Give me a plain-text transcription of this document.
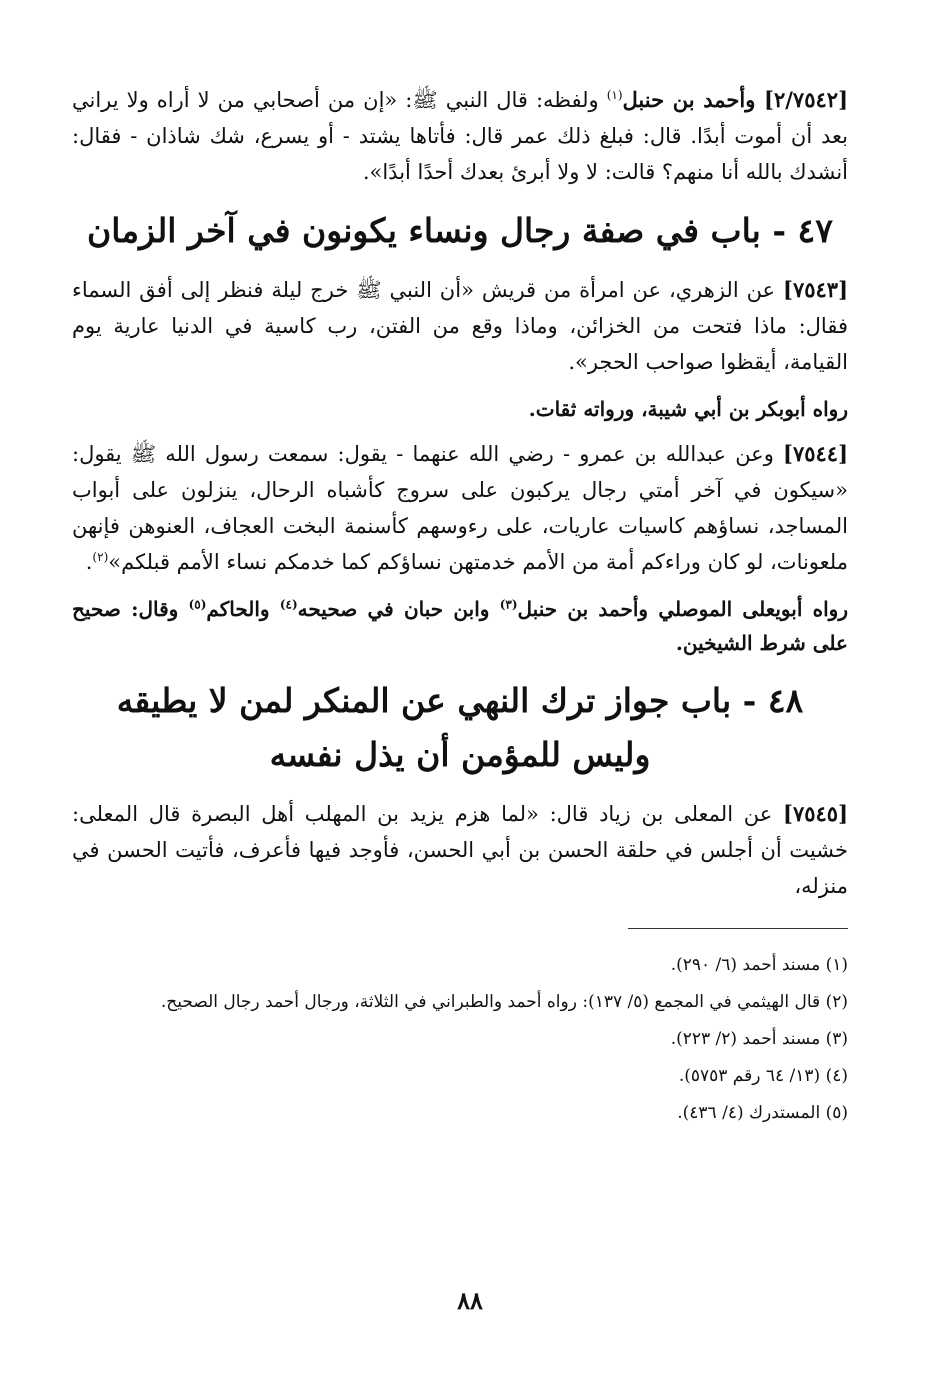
[٢/٧٥٤٢] وأحمد بن حنبل$^{(١)}$ ولفظه: قال النبي ﷺ: «إن من أصحابي من لا أراه ولا يراني بعد أن أموت أبدًا. قال: فبلغ ذلك عمر قال: فأتاها يشتد - أو يسرع، شك شاذان - فقال: أنشدك بالله أنا منهم؟ قالت: لا ولا أبرئ بعدك أحدًا أبدًا».

٤٧ - باب في صفة رجال ونساء يكونون في آخر الزمان

[٧٥٤٣] عن الزهري، عن امرأة من قريش «أن النبي ﷺ خرج ليلة فنظر إلى أفق السماء فقال: ماذا فتحت من الخزائن، وماذا وقع من الفتن، رب كاسية في الدنيا عارية يوم القيامة، أيقظوا صواحب الحجر».

رواه أبوبكر بن أبي شيبة، ورواته ثقات.

[٧٥٤٤] وعن عبدالله بن عمرو - رضي الله عنهما - يقول: سمعت رسول الله ﷺ يقول: «سيكون في آخر أمتي رجال يركبون على سروج كأشباه الرحال، ينزلون على أبواب المساجد، نساؤهم كاسيات عاريات، على رءوسهم كأسنمة البخت العجاف، العنوهن فإنهن ملعونات، لو كان وراءكم أمة من الأمم خدمتهن نساؤكم كما خدمكم نساء الأمم قبلكم»$^{(٢)}$.

رواه أبويعلى الموصلي وأحمد بن حنبل$^{(٣)}$ وابن حبان في صحيحه$^{(٤)}$ والحاكم$^{(٥)}$ وقال: صحيح على شرط الشيخين.

٤٨ - باب جواز ترك النهي عن المنكر لمن لا يطيقه
وليس للمؤمن أن يذل نفسه

[٧٥٤٥] عن المعلى بن زياد قال: «لما هزم يزيد بن المهلب أهل البصرة قال المعلى: خشيت أن أجلس في حلقة الحسن بن أبي الحسن، فأوجد فيها فأعرف، فأتيت الحسن في منزله،

(١) مسند أحمد (٦/ ٢٩٠).
(٢) قال الهيثمي في المجمع (٥/ ١٣٧): رواه أحمد والطبراني في الثلاثة، ورجال أحمد رجال الصحيح.
(٣) مسند أحمد (٢/ ٢٢٣).
(٤) (١٣/ ٦٤ رقم ٥٧٥٣).
(٥) المستدرك (٤/ ٤٣٦).
٨٨
